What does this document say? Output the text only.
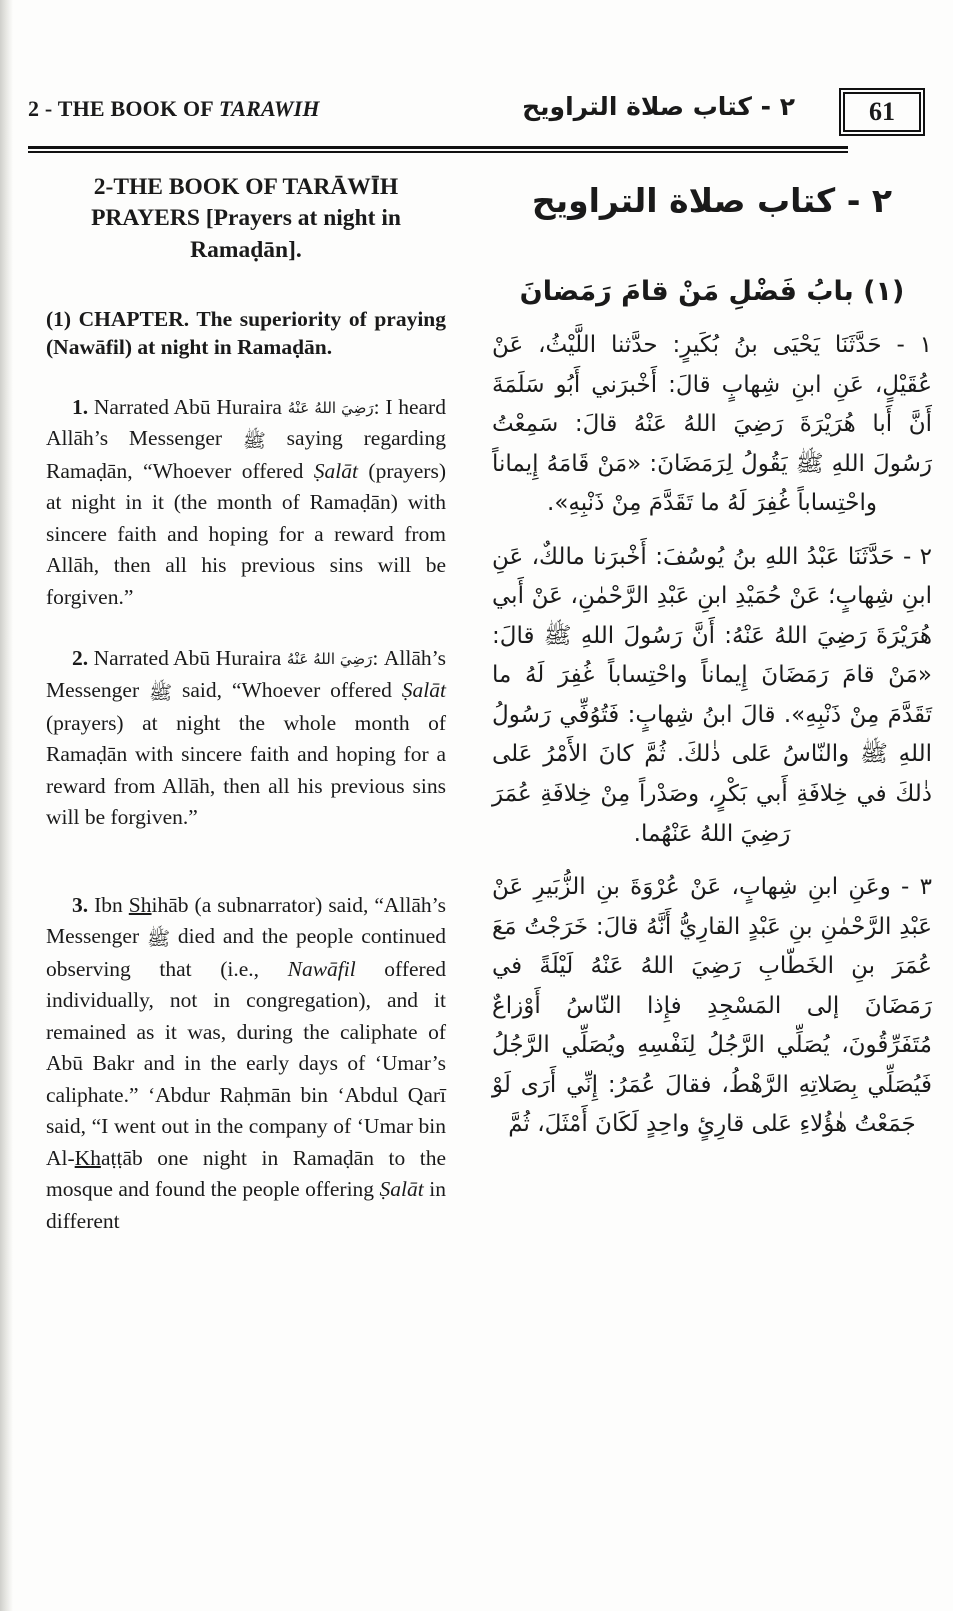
2 - THE BOOK OF TARAWIH	٢ - كتاب صلاة التراويح	61
2-THE BOOK OF TARĀWĪH PRAYERS [Prayers at night in Ramaḍān].
(1) CHAPTER. The superiority of praying (Nawāfil) at night in Ramaḍān.
1. Narrated Abū Huraira رَضِيَ اللهُ عَنْهُ: I heard Allāh’s Messenger ﷺ saying regarding Ramaḍān, “Whoever offered Ṣalāt (prayers) at night in it (the month of Ramaḍān) with sincere faith and hoping for a reward from Allāh, then all his previous sins will be forgiven.”
2. Narrated Abū Huraira رَضِيَ اللهُ عَنْهُ: Allāh’s Messenger ﷺ said, “Whoever offered Ṣalāt (prayers) at night the whole month of Ramaḍān with sincere faith and hoping for a reward from Allāh, then all his previous sins will be forgiven.”
3. Ibn Shihāb (a subnarrator) said, “Allāh’s Messenger ﷺ died and the people continued observing that (i.e., Nawāfil offered individually, not in congregation), and it remained as it was, during the caliphate of Abū Bakr and in the early days of ‘Umar’s caliphate.” ‘Abdur Raḥmān bin ‘Abdul Qarī said, “I went out in the company of ‘Umar bin Al-Khaṭṭāb one night in Ramaḍān to the mosque and found the people offering Ṣalāt in different
٢ - كتاب صلاة التراويح
(١) بابُ فَضْلِ مَنْ قامَ رَمَضانَ
١ - حَدَّثَنَا يَحْيَى بنُ بُكَيرٍ: حدَّثنا اللَّيْثُ، عَنْ عُقَيْلٍ، عَنِ ابنِ شِهابٍ قالَ: أَخْبرَني أَبُو سَلَمَةَ أَنَّ أَبا هُرَيْرَةَ رَضِيَ اللهُ عَنْهُ قالَ: سَمِعْتُ رَسُولَ اللهِ ﷺ يَقُولُ لِرَمَضَانَ: «مَنْ قَامَهُ إِيماناً واحْتِساباً غُفِرَ لَهُ ما تَقَدَّمَ مِنْ ذَنْبِهِ».
٢ - حَدَّثَنَا عَبْدُ اللهِ بنُ يُوسُفَ: أَخْبرَنا مالكٌ، عَنِ ابنِ شِهابٍ؛ عَنْ حُمَيْدِ ابنِ عَبْدِ الرَّحْمٰنِ، عَنْ أَبي هُرَيْرَةَ رَضِيَ اللهُ عَنْهُ: أَنَّ رَسُولَ اللهِ ﷺ قالَ: «مَنْ قامَ رَمَضَانَ إِيماناً واحْتِساباً غُفِرَ لَهُ ما تَقَدَّمَ مِنْ ذَنْبِهِ». قالَ ابنُ شِهابٍ: فَتُوُفِّي رَسُولُ اللهِ ﷺ والنّاسُ عَلى ذٰلكَ. ثُمَّ كانَ الأَمْرُ عَلى ذٰلكَ في خِلافَةِ أَبي بَكْرٍ، وصَدْراً مِنْ خِلافَةِ عُمَرَ رَضِيَ اللهُ عَنْهُما.
٣ - وعَنِ ابنِ شِهابٍ، عَنْ عُرْوَةَ بنِ الزُّبَيرِ عَنْ عَبْدِ الرَّحْمٰنِ بنِ عَبْدٍ القارِيُّ أَنَّهُ قالَ: خَرَجْتُ مَعَ عُمَرَ بنِ الخَطّابِ رَضِيَ اللهُ عَنْهُ لَيْلَةً في رَمَضَانَ إلى المَسْجِدِ فإِذا النّاسُ أَوْزاعٌ مُتَفَرِّقُونَ، يُصَلِّي الرَّجُلُ لِنَفْسِهِ ويُصَلِّي الرَّجُلُ فَيُصَلِّي بِصَلاتِهِ الرَّهْطُ، فقالَ عُمَرُ: إِنِّي أَرَى لَوْ جَمَعْتُ هٰؤُلاءِ عَلى قارِئٍ واحِدٍ لَكَانَ أَمْثَلَ، ثُمَّ
